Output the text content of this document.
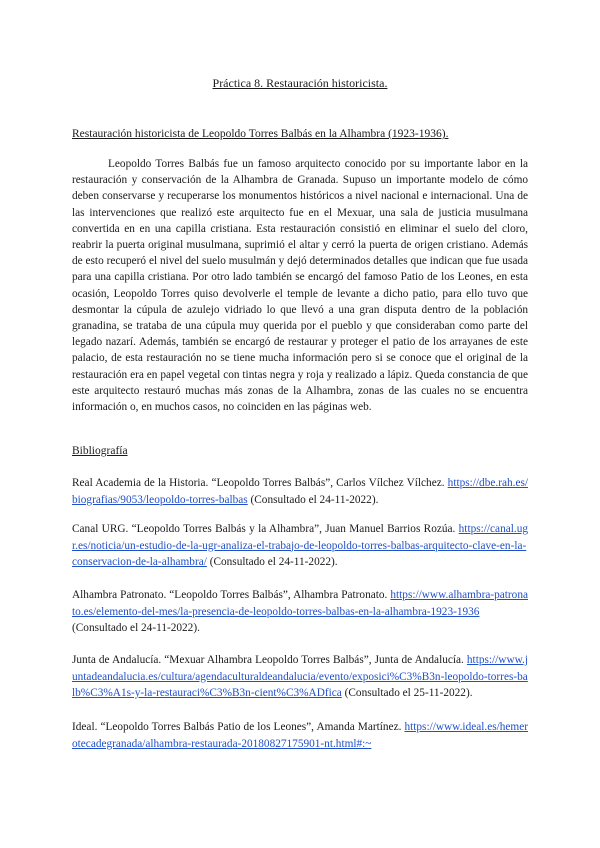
Práctica 8. Restauración historicista.
Restauración historicista de Leopoldo Torres Balbás en la Alhambra (1923-1936).

Leopoldo Torres Balbás fue un famoso arquitecto conocido por su importante labor en la restauración y conservación de la Alhambra de Granada. Supuso un importante modelo de cómo deben conservarse y recuperarse los monumentos históricos a nivel nacional e internacional. Una de las intervenciones que realizó este arquitecto fue en el Mexuar, una sala de justicia musulmana convertida en en una capilla cristiana. Esta restauración consistió en eliminar el suelo del cloro, reabrir la puerta original musulmana, suprimió el altar y cerró la puerta de origen cristiano. Además de esto recuperó el nivel del suelo musulmán y dejó determinados detalles que indican que fue usada para una capilla cristiana. Por otro lado también se encargó del famoso Patio de los Leones, en esta ocasión, Leopoldo Torres quiso devolverle el temple de levante a dicho patio, para ello tuvo que desmontar la cúpula de azulejo vidriado lo que llevó a una gran disputa dentro de la población granadina, se trataba de una cúpula muy querida por el pueblo y que consideraban como parte del legado nazarí. Además, también se encargó de restaurar y proteger el patio de los arrayanes de este palacio, de esta restauración no se tiene mucha información pero si se conoce que el original de la restauración era en papel vegetal con tintas negra y roja y realizado a lápiz. Queda constancia de que este arquitecto restauró muchas más zonas de la Alhambra, zonas de las cuales no se encuentra información o, en muchos casos, no coinciden en las páginas web.

Bibliografía

Real Academia de la Historia. “Leopoldo Torres Balbás”, Carlos Vílchez Vílchez. https://dbe.rah.es/biografias/9053/leopoldo-torres-balbas (Consultado el 24-11-2022).

Canal URG. “Leopoldo Torres Balbás y la Alhambra”, Juan Manuel Barrios Rozúa. https://canal.ugr.es/noticia/un-estudio-de-la-ugr-analiza-el-trabajo-de-leopoldo-torres-balbas-arquitecto-clave-en-la-conservacion-de-la-alhambra/ (Consultado el 24-11-2022).

Alhambra Patronato. “Leopoldo Torres Balbás”, Alhambra Patronato. https://www.alhambra-patronato.es/elemento-del-mes/la-presencia-de-leopoldo-torres-balbas-en-la-alhambra-1923-1936 (Consultado el 24-11-2022).

Junta de Andalucía. “Mexuar Alhambra Leopoldo Torres Balbás”, Junta de Andalucía. https://www.juntadeandalucia.es/cultura/agendaculturaldeandalucia/evento/exposici%C3%B3n-leopoldo-torres-balb%C3%A1s-y-la-restauraci%C3%B3n-cient%C3%ADfica (Consultado el 25-11-2022).

Ideal. “Leopoldo Torres Balbás Patio de los Leones”, Amanda Martínez. https://www.ideal.es/hemerotecadegranada/alhambra-restaurada-20180827175901-nt.html#:~
